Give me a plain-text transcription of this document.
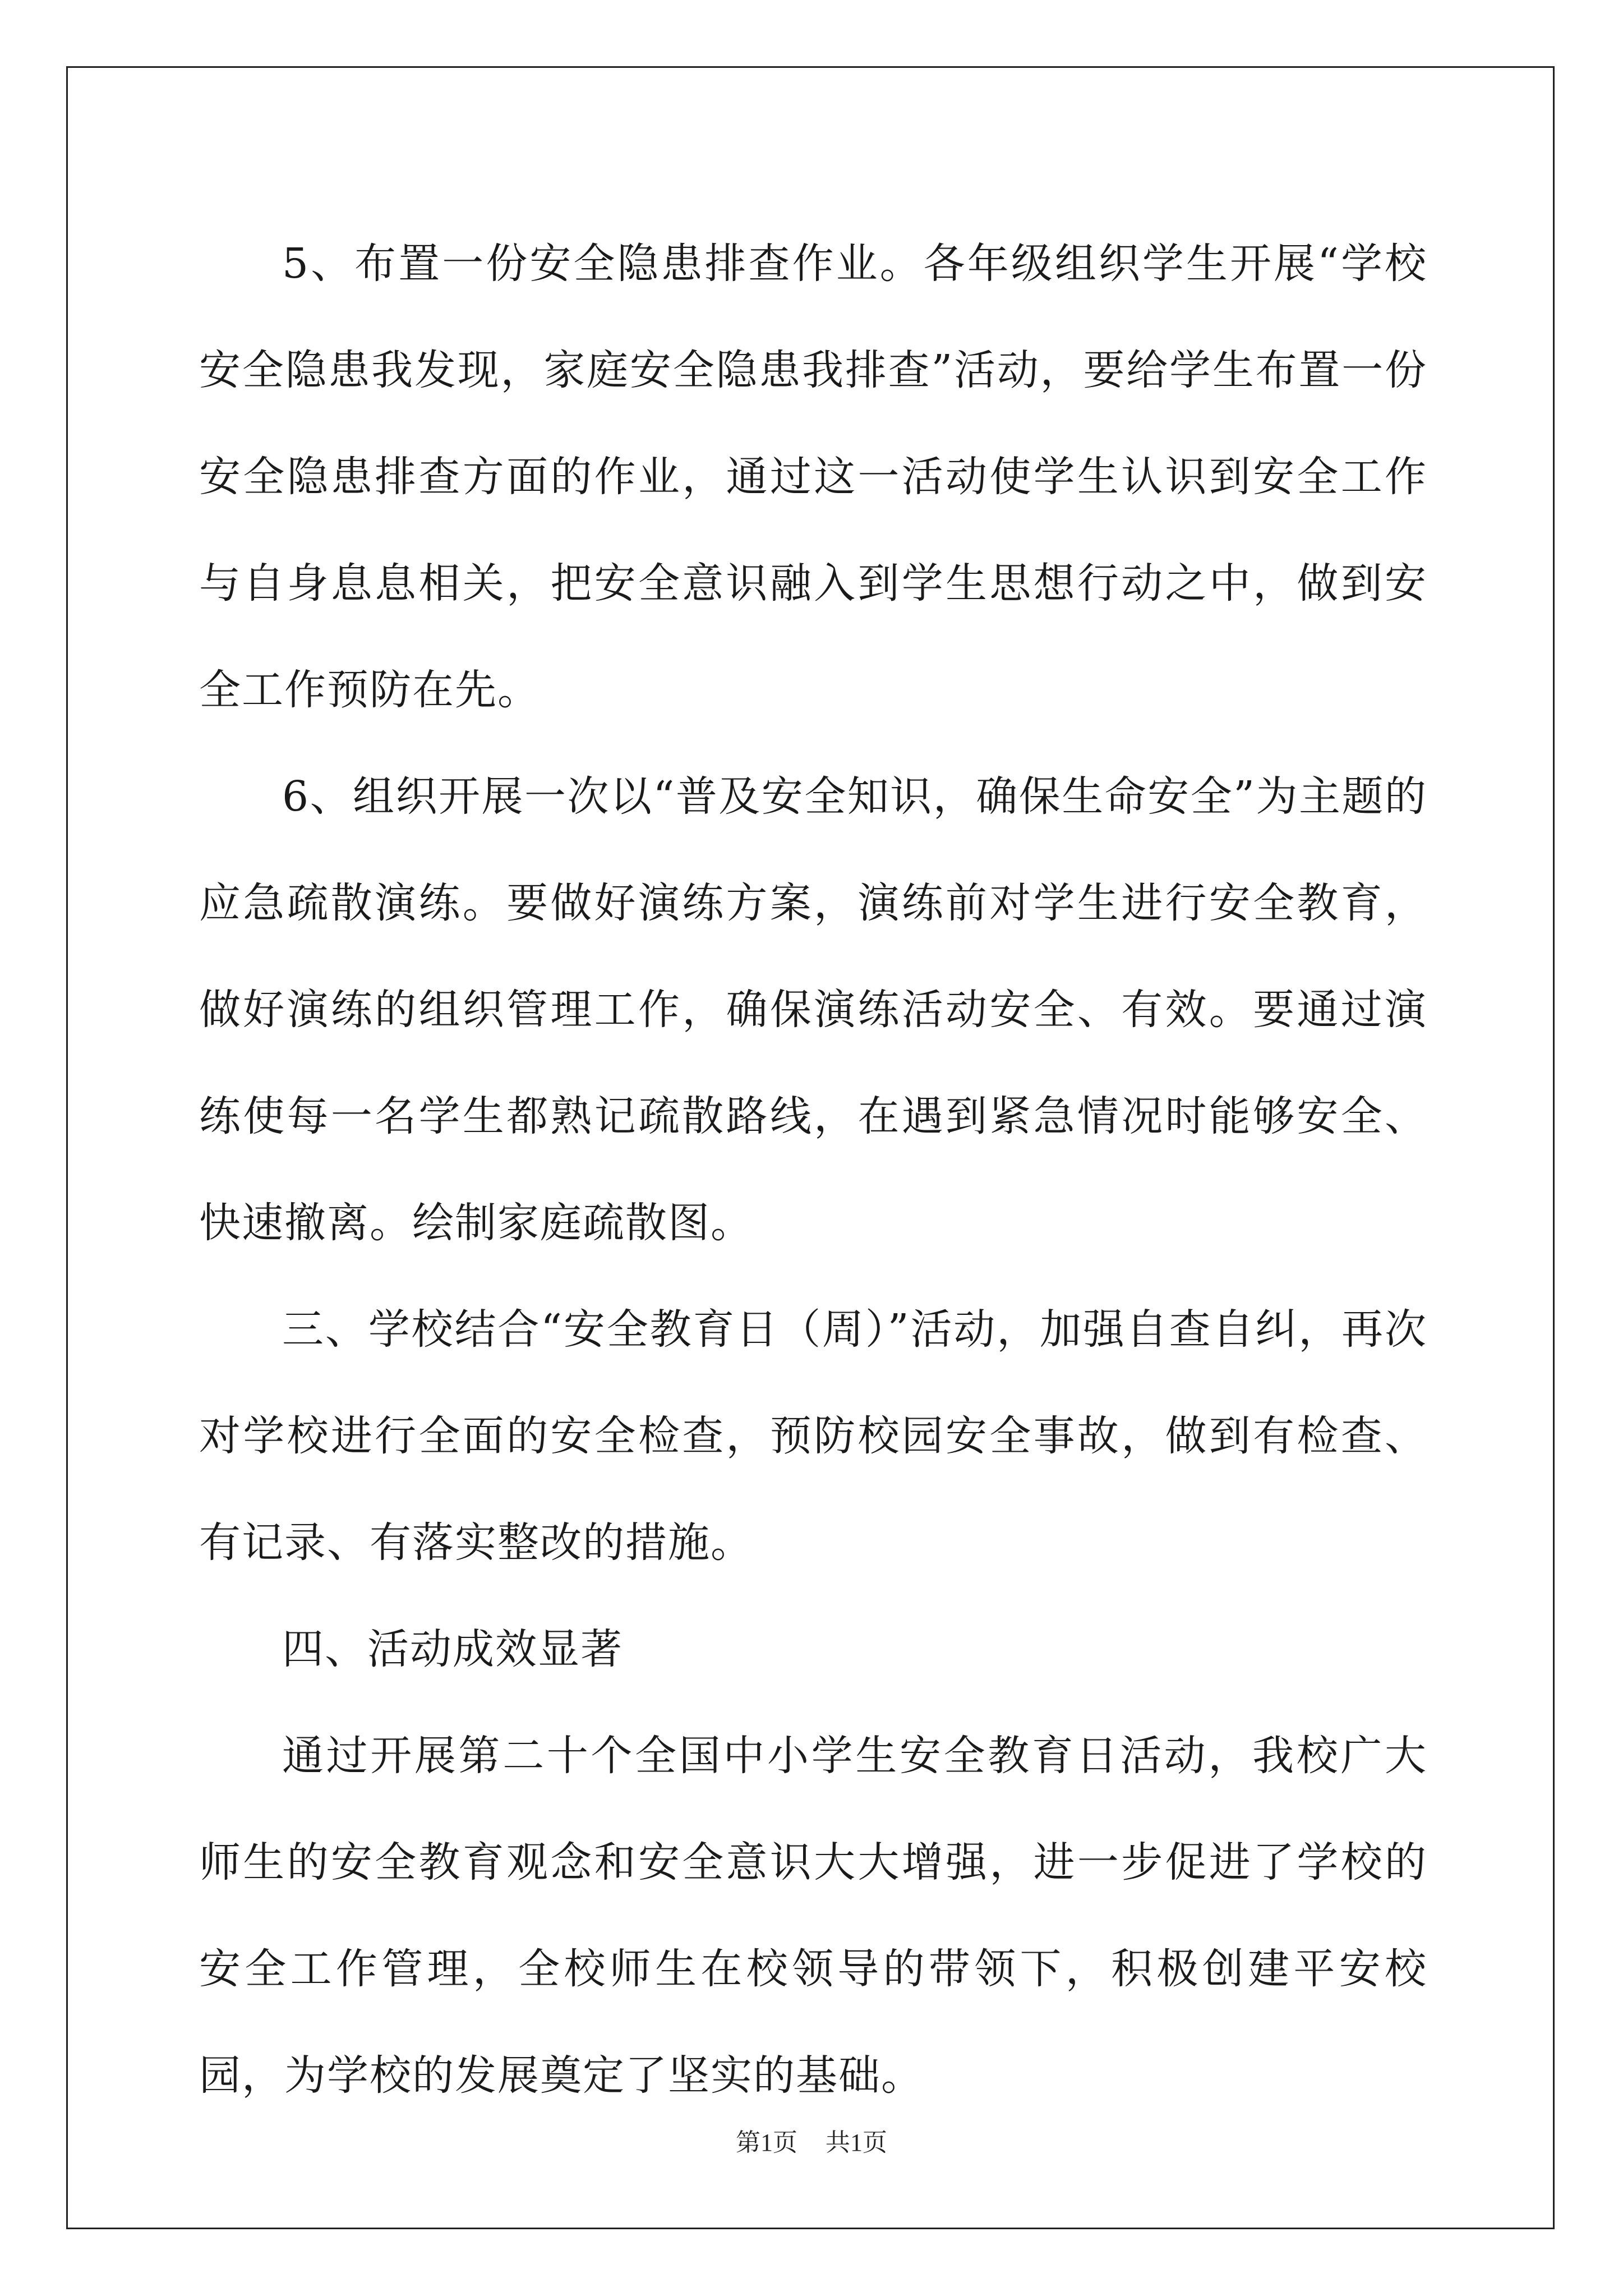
5、布置一份安全隐患排查作业。各年级组织学生开展“学校安全隐患我发现，家庭安全隐患我排查”活动，要给学生布置一份安全隐患排查方面的作业，通过这一活动使学生认识到安全工作与自身息息相关，把安全意识融入到学生思想行动之中，做到安全工作预防在先。

6、组织开展一次以“普及安全知识，确保生命安全”为主题的应急疏散演练。要做好演练方案，演练前对学生进行安全教育，做好演练的组织管理工作，确保演练活动安全、有效。要通过演练使每一名学生都熟记疏散路线，在遇到紧急情况时能够安全、快速撤离。绘制家庭疏散图。

三、学校结合“安全教育日（周）”活动，加强自查自纠，再次对学校进行全面的安全检查，预防校园安全事故，做到有检查、有记录、有落实整改的措施。

四、活动成效显著

通过开展第二十个全国中小学生安全教育日活动，我校广大师生的安全教育观念和安全意识大大增强，进一步促进了学校的安全工作管理，全校师生在校领导的带领下，积极创建平安校园，为学校的发展奠定了坚实的基础。

第1页 共1页
